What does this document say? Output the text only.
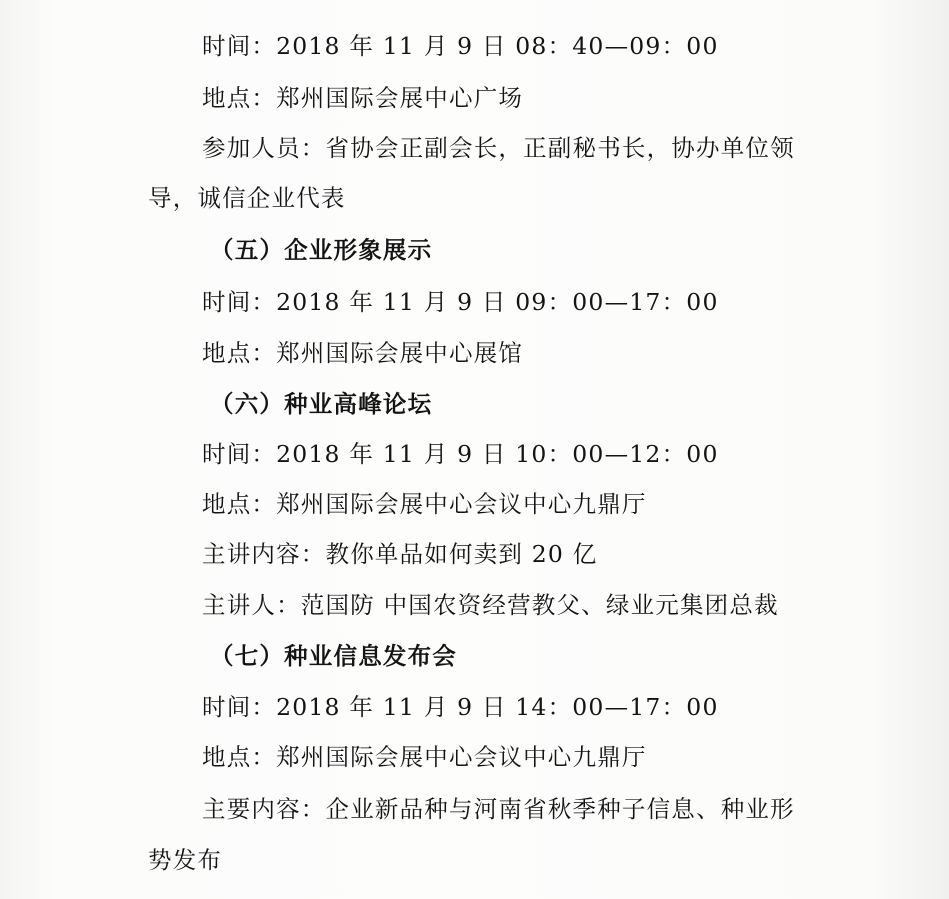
时间：2018 年 11 月 9 日 08：40—09：00
地点：郑州国际会展中心广场
参加人员：省协会正副会长，正副秘书长，协办单位领
导，诚信企业代表
（五）企业形象展示
时间：2018 年 11 月 9 日 09：00—17：00
地点：郑州国际会展中心展馆
（六）种业高峰论坛
时间：2018 年 11 月 9 日 10：00—12：00
地点：郑州国际会展中心会议中心九鼎厅
主讲内容：教你单品如何卖到 20 亿
主讲人：范国防 中国农资经营教父、绿业元集团总裁
（七）种业信息发布会
时间：2018 年 11 月 9 日 14：00—17：00
地点：郑州国际会展中心会议中心九鼎厅
主要内容：企业新品种与河南省秋季种子信息、种业形
势发布
